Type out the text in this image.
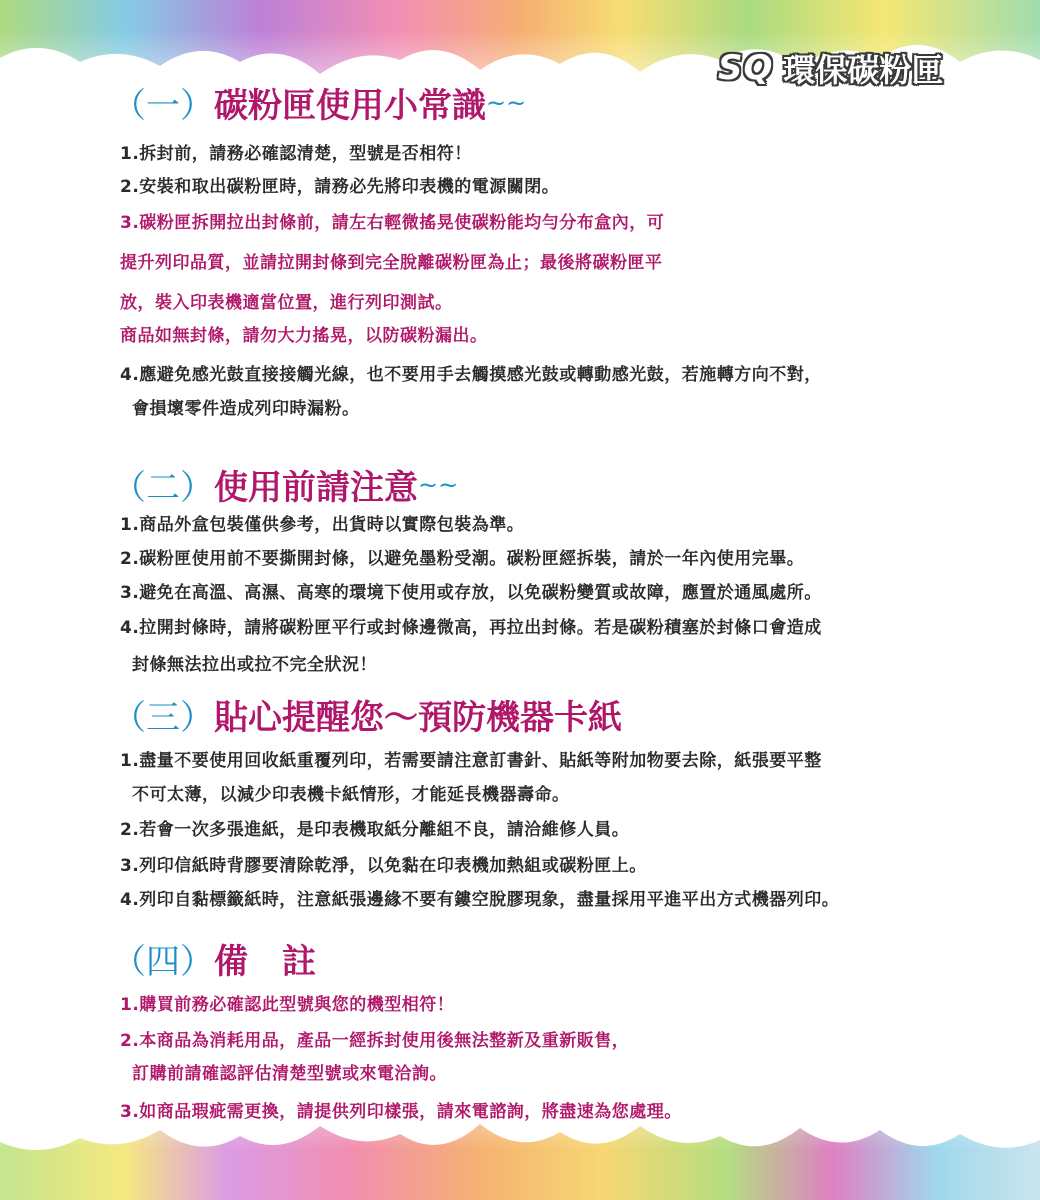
SQ 環保碳粉匣
（一） 碳粉匣使用小常識 ~~
1.拆封前，請務必確認清楚，型號是否相符！
2.安裝和取出碳粉匣時，請務必先將印表機的電源關閉。
3.碳粉匣拆開拉出封條前，請左右輕微搖晃使碳粉能均勻分布盒內，可
提升列印品質，並請拉開封條到完全脫離碳粉匣為止；最後將碳粉匣平
放，裝入印表機適當位置，進行列印測試。
商品如無封條，請勿大力搖晃，以防碳粉漏出。
4.應避免感光鼓直接接觸光線，也不要用手去觸摸感光鼓或轉動感光鼓，若施轉方向不對，
會損壞零件造成列印時漏粉。
（二） 使用前請注意 ~~
1.商品外盒包裝僅供參考，出貨時以實際包裝為準。
2.碳粉匣使用前不要撕開封條，以避免墨粉受潮。碳粉匣經拆裝，請於一年內使用完畢。
3.避免在高溫、高濕、高寒的環境下使用或存放，以免碳粉變質或故障，應置於通風處所。
4.拉開封條時，請將碳粉匣平行或封條邊微高，再拉出封條。若是碳粉積塞於封條口會造成
封條無法拉出或拉不完全狀況！
（三） 貼心提醒您～預防機器卡紙
1.盡量不要使用回收紙重覆列印，若需要請注意訂書針、貼紙等附加物要去除，紙張要平整
不可太薄，以減少印表機卡紙情形，才能延長機器壽命。
2.若會一次多張進紙，是印表機取紙分離組不良，請洽維修人員。
3.列印信紙時背膠要清除乾淨，以免黏在印表機加熱組或碳粉匣上。
4.列印自黏標籤紙時，注意紙張邊緣不要有鏤空脫膠現象，盡量採用平進平出方式機器列印。
（四） 備　註
1.購買前務必確認此型號與您的機型相符！
2.本商品為消耗用品，產品一經拆封使用後無法整新及重新販售，
訂購前請確認評估清楚型號或來電洽詢。
3.如商品瑕疵需更換，請提供列印樣張，請來電諮詢，將盡速為您處理。
